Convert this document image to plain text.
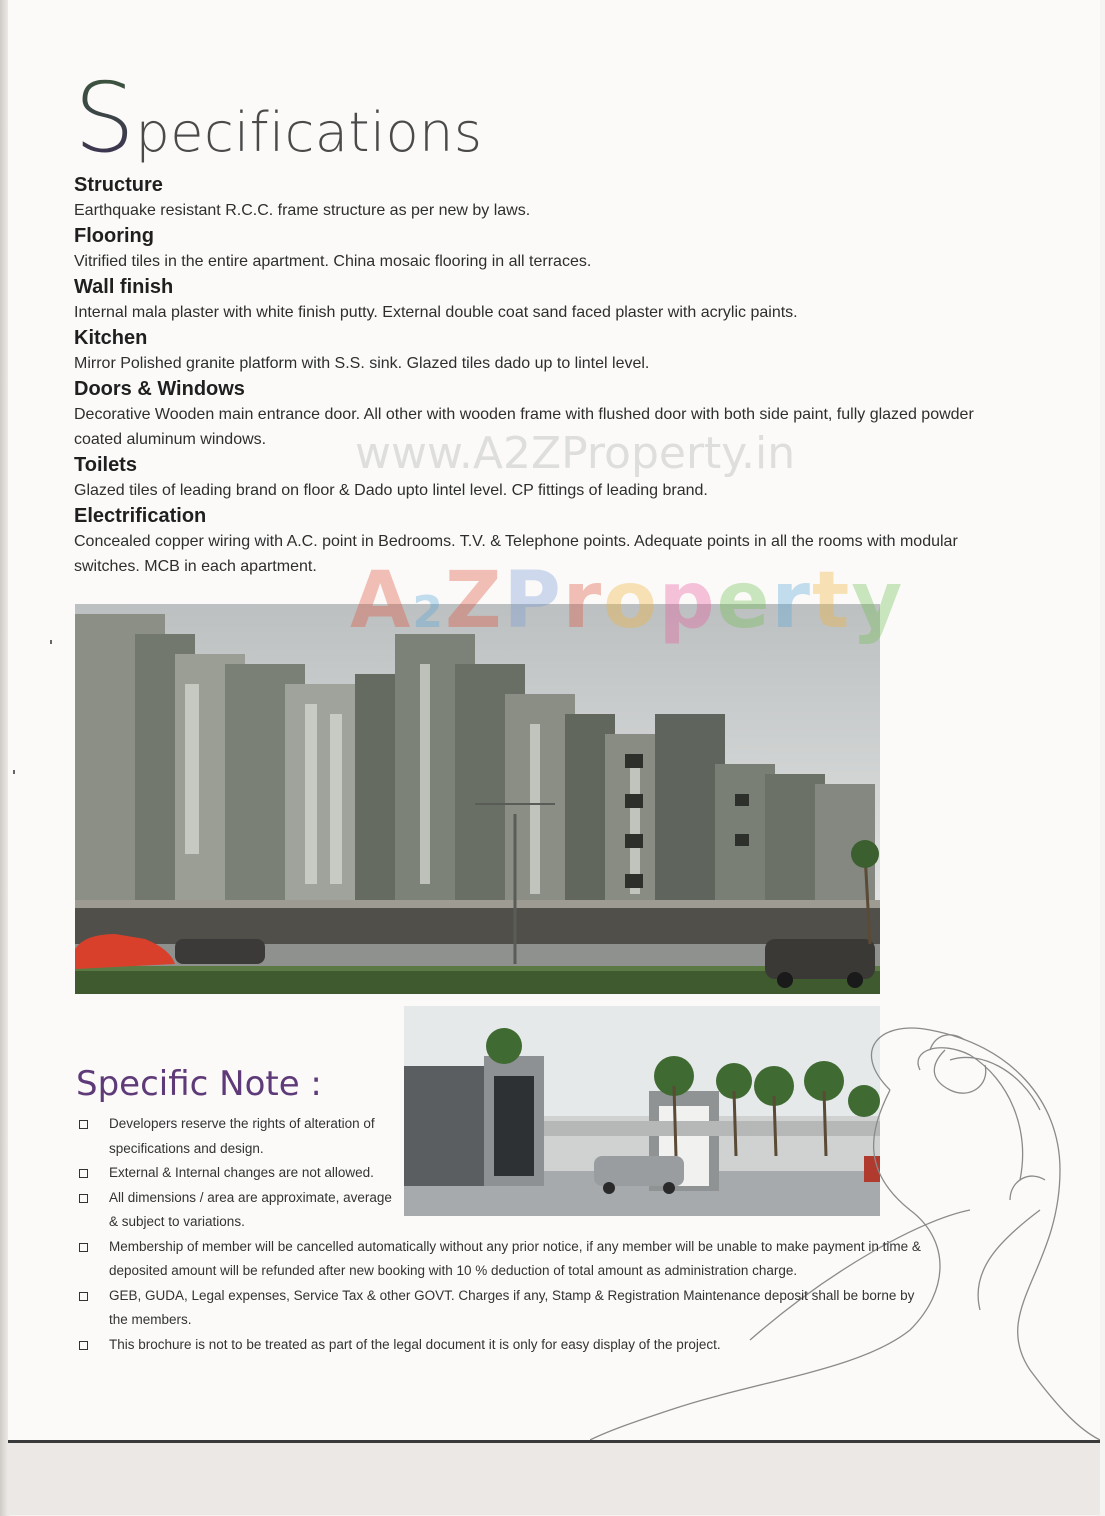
Specifications

Structure

Earthquake resistant R.C.C. frame structure as per new by laws.

Flooring

Vitrified tiles in the entire apartment. China mosaic flooring in all terraces.

Wall finish

Internal mala plaster with white finish putty. External double coat sand faced plaster with acrylic paints.

Kitchen

Mirror Polished granite platform with S.S. sink. Glazed tiles dado up to lintel level.

Doors & Windows

Decorative Wooden main entrance door. All other with wooden frame with flushed door with both side paint, fully glazed powder coated aluminum windows.

Toilets

Glazed tiles of leading brand on floor & Dado upto lintel level. CP fittings of leading brand.

Electrification

Concealed copper wiring with A.C. point in Bedrooms. T.V. & Telephone points. Adequate points in all the rooms with modular switches. MCB in each apartment.

www.A2ZProperty.in
A2ZProperty
Specific Note :
Developers reserve the rights of alteration of specifications and design.
External & Internal changes are not allowed.
All dimensions / area are approximate, average & subject to variations.
Membership of member will be cancelled automatically without any prior notice, if any member will be unable to make payment in time & deposited amount will be refunded after new booking with 10 % deduction of total amount as administration charge.
GEB, GUDA, Legal expenses, Service Tax & other GOVT. Charges if any, Stamp & Registration Maintenance deposit shall be borne by the members.
This brochure is not to be treated as part of the legal document it is only for easy display of the project.
